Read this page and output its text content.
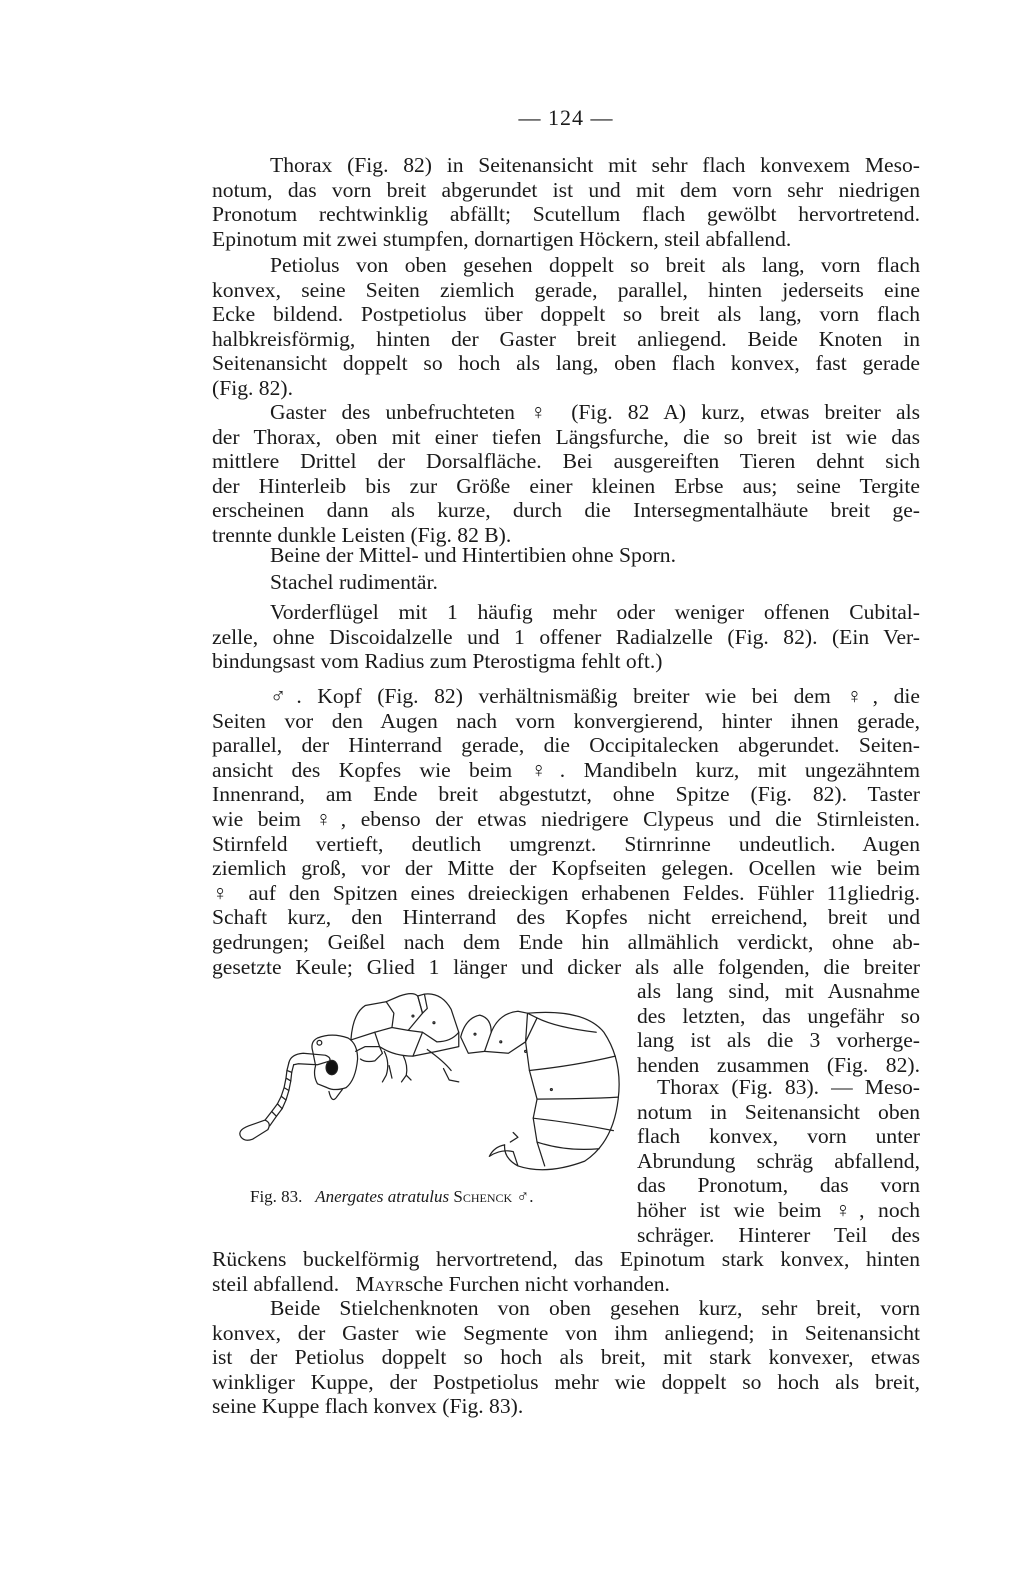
— 124 —
Thorax (Fig. 82) in Seitenansicht mit sehr flach konvexem Meso-
notum, das vorn breit abgerundet ist und mit dem vorn sehr niedrigen
Pronotum rechtwinklig abfällt; Scutellum flach gewölbt hervortretend.
Epinotum mit zwei stumpfen, dornartigen Höckern, steil abfallend.
Petiolus von oben gesehen doppelt so breit als lang, vorn flach
konvex, seine Seiten ziemlich gerade, parallel, hinten jederseits eine
Ecke bildend. Postpetiolus über doppelt so breit als lang, vorn flach
halbkreisförmig, hinten der Gaster breit anliegend. Beide Knoten in
Seitenansicht doppelt so hoch als lang, oben flach konvex, fast gerade
(Fig. 82).
Gaster des unbefruchteten ♀ (Fig. 82 A) kurz, etwas breiter als
der Thorax, oben mit einer tiefen Längsfurche, die so breit ist wie das
mittlere Drittel der Dorsalfläche. Bei ausgereiften Tieren dehnt sich
der Hinterleib bis zur Größe einer kleinen Erbse aus; seine Tergite
erscheinen dann als kurze, durch die Intersegmentalhäute breit ge-
trennte dunkle Leisten (Fig. 82 B).
Beine der Mittel- und Hintertibien ohne Sporn.
Stachel rudimentär.
Vorderflügel mit 1 häufig mehr oder weniger offenen Cubital-
zelle, ohne Discoidalzelle und 1 offener Radialzelle (Fig. 82). (Ein Ver-
bindungsast vom Radius zum Pterostigma fehlt oft.)
♂. Kopf (Fig. 82) verhältnismäßig breiter wie bei dem ♀, die
Seiten vor den Augen nach vorn konvergierend, hinter ihnen gerade,
parallel, der Hinterrand gerade, die Occipitalecken abgerundet. Seiten-
ansicht des Kopfes wie beim ♀. Mandibeln kurz, mit ungezähntem
Innenrand, am Ende breit abgestutzt, ohne Spitze (Fig. 82). Taster
wie beim ♀, ebenso der etwas niedrigere Clypeus und die Stirnleisten.
Stirnfeld vertieft, deutlich umgrenzt. Stirnrinne undeutlich. Augen
ziemlich groß, vor der Mitte der Kopfseiten gelegen. Ocellen wie beim
♀ auf den Spitzen eines dreieckigen erhabenen Feldes. Fühler 11gliedrig.
Schaft kurz, den Hinterrand des Kopfes nicht erreichend, breit und
gedrungen; Geißel nach dem Ende hin allmählich verdickt, ohne ab-
gesetzte Keule; Glied 1 länger und dicker als alle folgenden, die breiter
als lang sind, mit Ausnahme
des letzten, das ungefähr so
lang ist als die 3 vorherge-
henden zusammen (Fig. 82).
Thorax (Fig. 83). — Meso-
notum in Seitenansicht oben
flach konvex, vorn unter
Abrundung schräg abfallend,
das Pronotum, das vorn
höher ist wie beim ♀, noch
schräger. Hinterer Teil des
Rückens buckelförmig hervortretend, das Epinotum stark konvex, hinten
steil abfallend. Mayrsche Furchen nicht vorhanden.
Beide Stielchenknoten von oben gesehen kurz, sehr breit, vorn
konvex, der Gaster wie Segmente von ihm anliegend; in Seitenansicht
ist der Petiolus doppelt so hoch als breit, mit stark konvexer, etwas
winkliger Kuppe, der Postpetiolus mehr wie doppelt so hoch als breit,
seine Kuppe flach konvex (Fig. 83).
Fig. 83. Anergates atratulus Schenck ♂.
